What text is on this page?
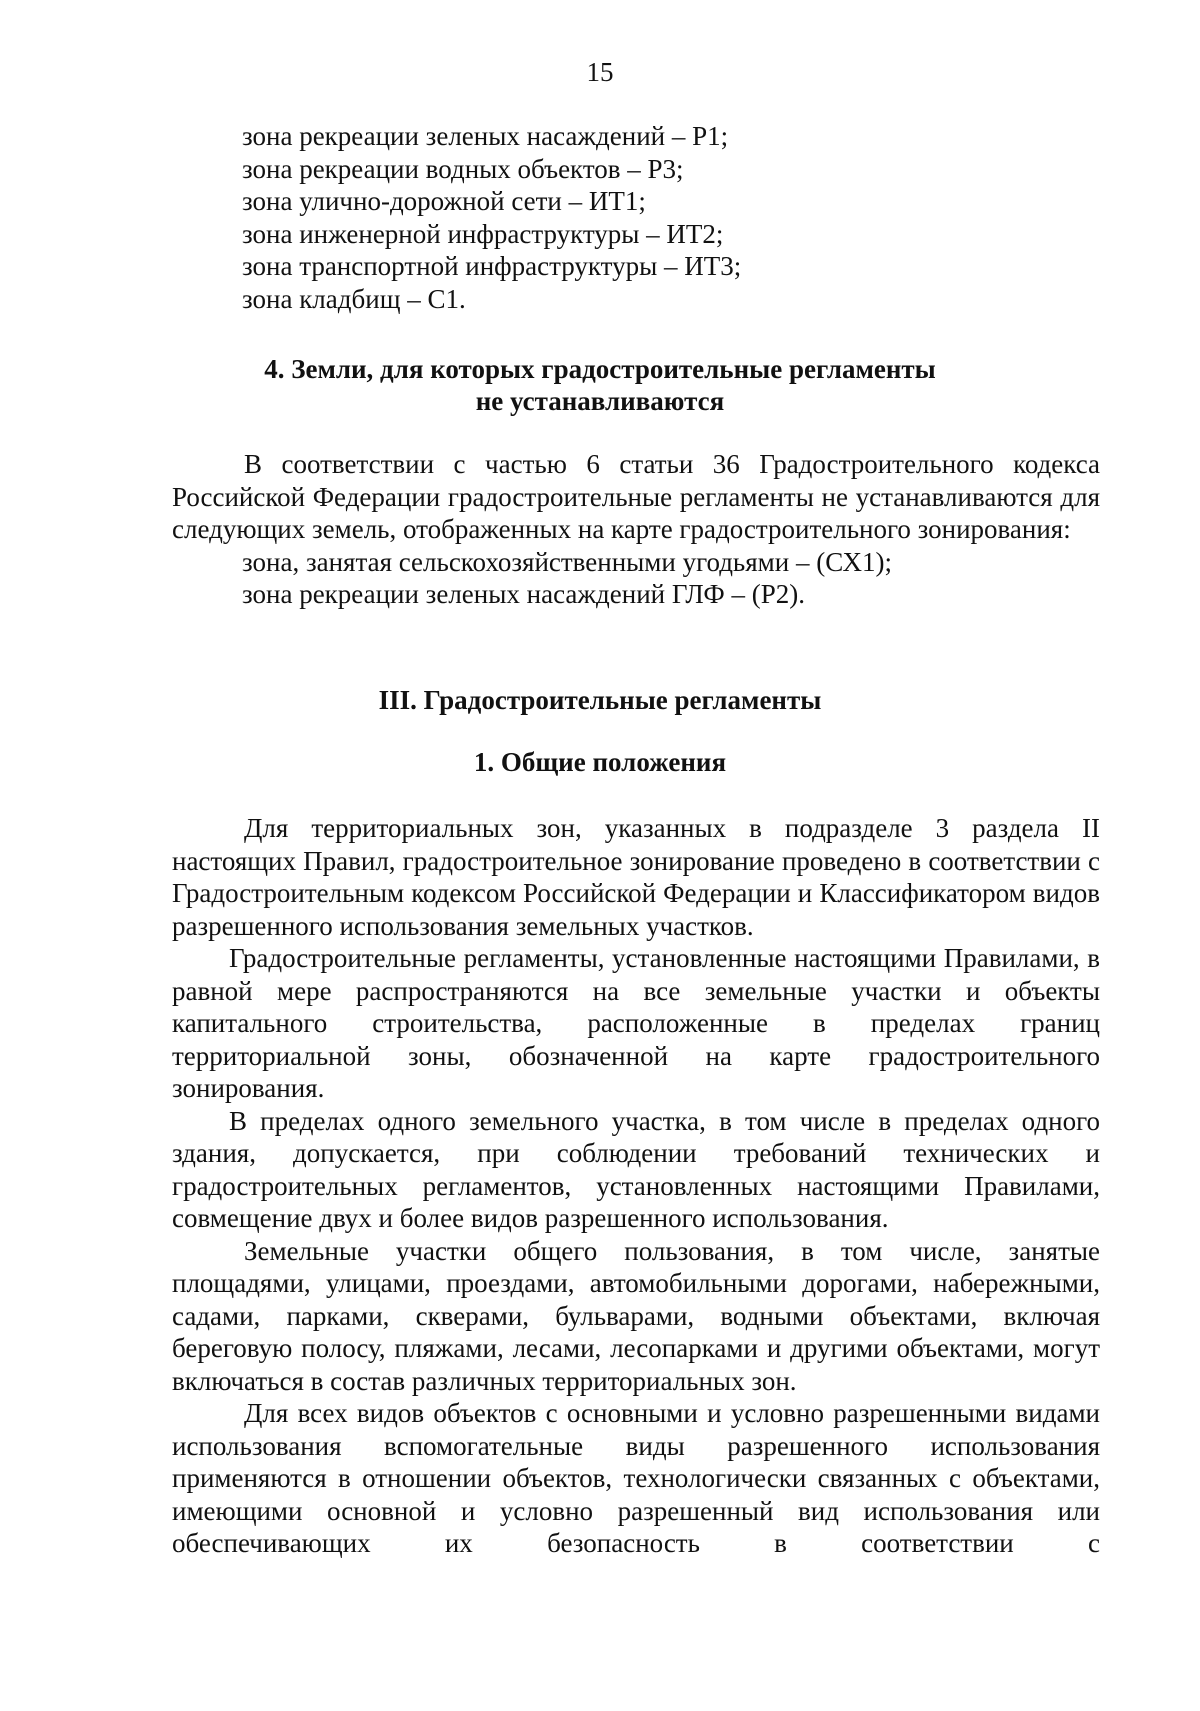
15
зона рекреации зеленых насаждений – Р1;
зона рекреации водных объектов – Р3;
зона улично-дорожной сети – ИТ1;
зона инженерной инфраструктуры – ИТ2;
зона транспортной инфраструктуры – ИТ3;
зона кладбищ – С1.
4. Земли, для которых градостроительные регламенты
не устанавливаются
В соответствии с частью 6 статьи 36 Градостроительного кодекса Российской Федерации градостроительные регламенты не устанавливаются для следующих земель, отображенных на карте градостроительного зонирования:
зона, занятая сельскохозяйственными угодьями – (СХ1);
зона рекреации зеленых насаждений ГЛФ – (Р2).
III. Градостроительные регламенты
1. Общие положения

Для территориальных зон, указанных в подразделе 3 раздела II настоящих Правил, градостроительное зонирование проведено в соответствии с Градостроительным кодексом Российской Федерации и Классификатором видов разрешенного использования земельных участков.

Градостроительные регламенты, установленные настоящими Правилами, в равной мере распространяются на все земельные участки и объекты капитального строительства, расположенные в пределах границ территориальной зоны, обозначенной на карте градостроительного зонирования.

В пределах одного земельного участка, в том числе в пределах одного здания, допускается, при соблюдении требований технических и градостроительных регламентов, установленных настоящими Правилами, совмещение двух и более видов разрешенного использования.

Земельные участки общего пользования, в том числе, занятые площадями, улицами, проездами, автомобильными дорогами, набережными, садами, парками, скверами, бульварами, водными объектами, включая береговую полосу, пляжами, лесами, лесопарками и другими объектами, могут включаться в состав различных территориальных зон.

Для всех видов объектов с основными и условно разрешенными видами использования вспомогательные виды разрешенного использования применяются в отношении объектов, технологически связанных с объектами, имеющими основной и условно разрешенный вид использования или обеспечивающих их безопасность в соответствии с
